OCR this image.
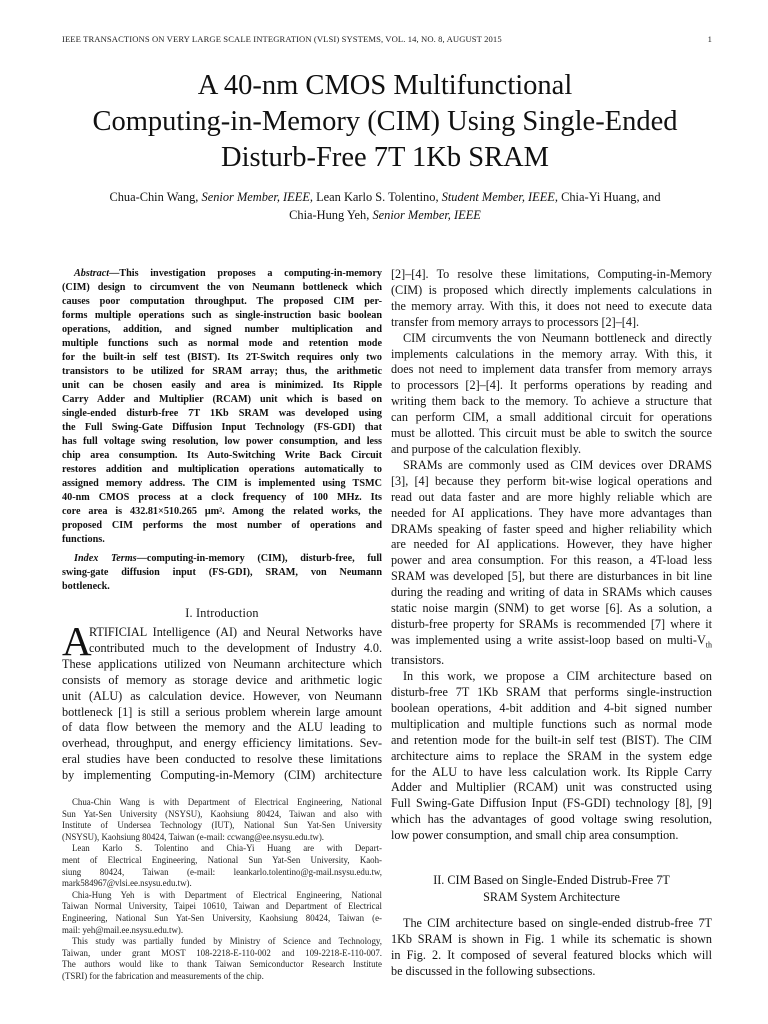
IEEE TRANSACTIONS ON VERY LARGE SCALE INTEGRATION (VLSI) SYSTEMS, VOL. 14, NO. 8, AUGUST 2015	1
A 40-nm CMOS Multifunctional
Computing-in-Memory (CIM) Using Single-Ended
Disturb-Free 7T 1Kb SRAM
Chua-Chin Wang, Senior Member, IEEE, Lean Karlo S. Tolentino, Student Member, IEEE, Chia-Yi Huang, and
Chia-Hung Yeh, Senior Member, IEEE
Abstract—This investigation proposes a computing-in-memory
(CIM) design to circumvent the von Neumann bottleneck which
causes poor computation throughput. The proposed CIM per-
forms multiple operations such as single-instruction basic boolean
operations, addition, and signed number multiplication and
multiple functions such as normal mode and retention mode
for the built-in self test (BIST). Its 2T-Switch requires only two
transistors to be utilized for SRAM array; thus, the arithmetic
unit can be chosen easily and area is minimized. Its Ripple
Carry Adder and Multiplier (RCAM) unit which is based on
single-ended disturb-free 7T 1Kb SRAM was developed using
the Full Swing-Gate Diffusion Input Technology (FS-GDI) that
has full voltage swing resolution, low power consumption, and less
chip area consumption. Its Auto-Switching Write Back Circuit
restores addition and multiplication operations automatically to
assigned memory address. The CIM is implemented using TSMC
40-nm CMOS process at a clock frequency of 100 MHz. Its
core area is 432.81×510.265 μm². Among the related works, the
proposed CIM performs the most number of operations and
functions.
Index Terms—computing-in-memory (CIM), disturb-free, full
swing-gate diffusion input (FS-GDI), SRAM, von Neumann
bottleneck.
I. Introduction
A
RTIFICIAL Intelligence (AI) and Neural Networks have
contributed much to the development of Industry 4.0.
These applications utilized von Neumann architecture which
consists of memory as storage device and arithmetic logic
unit (ALU) as calculation device. However, von Neumann
bottleneck [1] is still a serious problem wherein large amount
of data flow between the memory and the ALU leading to
overhead, throughput, and energy efficiency limitations. Sev-
eral studies have been conducted to resolve these limitations
by implementing Computing-in-Memory (CIM) architecture
Chua-Chin Wang is with Department of Electrical Engineering, National
Sun Yat-Sen University (NSYSU), Kaohsiung 80424, Taiwan and also with
Institute of Undersea Technology (IUT), National Sun Yat-Sen University
(NSYSU), Kaohsiung 80424, Taiwan (e-mail: ccwang@ee.nsysu.edu.tw).
Lean Karlo S. Tolentino and Chia-Yi Huang are with Depart-
ment of Electrical Engineering, National Sun Yat-Sen University, Kaoh-
siung 80424, Taiwan (e-mail: leankarlo.tolentino@g-mail.nsysu.edu.tw,
mark584967@vlsi.ee.nsysu.edu.tw).
Chia-Hung Yeh is with Department of Electrical Engineering, National
Taiwan Normal University, Taipei 10610, Taiwan and Department of Electrical
Engineering, National Sun Yat-Sen University, Kaohsiung 80424, Taiwan (e-
mail: yeh@mail.ee.nsysu.edu.tw).
This study was partially funded by Ministry of Science and Technology,
Taiwan, under grant MOST 108-2218-E-110-002 and 109-2218-E-110-007.
The authors would like to thank Taiwan Semiconductor Research Institute
(TSRI) for the fabrication and measurements of the chip.
[2]–[4]. To resolve these limitations, Computing-in-Memory
(CIM) is proposed which directly implements calculations in
the memory array. With this, it does not need to execute data
transfer from memory arrays to processors [2]–[4].
CIM circumvents the von Neumann bottleneck and directly
implements calculations in the memory array. With this, it
does not need to implement data transfer from memory arrays
to processors [2]–[4]. It performs operations by reading and
writing them back to the memory. To achieve a structure that
can perform CIM, a small additional circuit for operations
must be allotted. This circuit must be able to switch the source
and purpose of the calculation flexibly.
SRAMs are commonly used as CIM devices over DRAMS
[3], [4] because they perform bit-wise logical operations and
read out data faster and are more highly reliable which are
needed for AI applications. They have more advantages than
DRAMs speaking of faster speed and higher reliability which
are needed for AI applications. However, they have higher
power and area consumption. For this reason, a 4T-load less
SRAM was developed [5], but there are disturbances in bit line
during the reading and writing of data in SRAMs which causes
static noise margin (SNM) to get worse [6]. As a solution, a
disturb-free property for SRAMs is recommended [7] where it
was implemented using a write assist-loop based on multi-$V_{th}$
transistors.
In this work, we propose a CIM architecture based on
disturb-free 7T 1Kb SRAM that performs single-instruction
boolean operations, 4-bit addition and 4-bit signed number
multiplication and multiple functions such as normal mode
and retention mode for the built-in self test (BIST). The CIM
architecture aims to replace the SRAM in the system edge
for the ALU to have less calculation work. Its Ripple Carry
Adder and Multiplier (RCAM) unit was constructed using
Full Swing-Gate Diffusion Input (FS-GDI) technology [8], [9]
which has the advantages of good voltage swing resolution,
low power consumption, and small chip area consumption.
II. CIM Based on Single-Ended Distrub-Free 7T
SRAM System Architecture
The CIM architecture based on single-ended distrub-free 7T
1Kb SRAM is shown in Fig. 1 while its schematic is shown
in Fig. 2. It composed of several featured blocks which will
be discussed in the following subsections.
